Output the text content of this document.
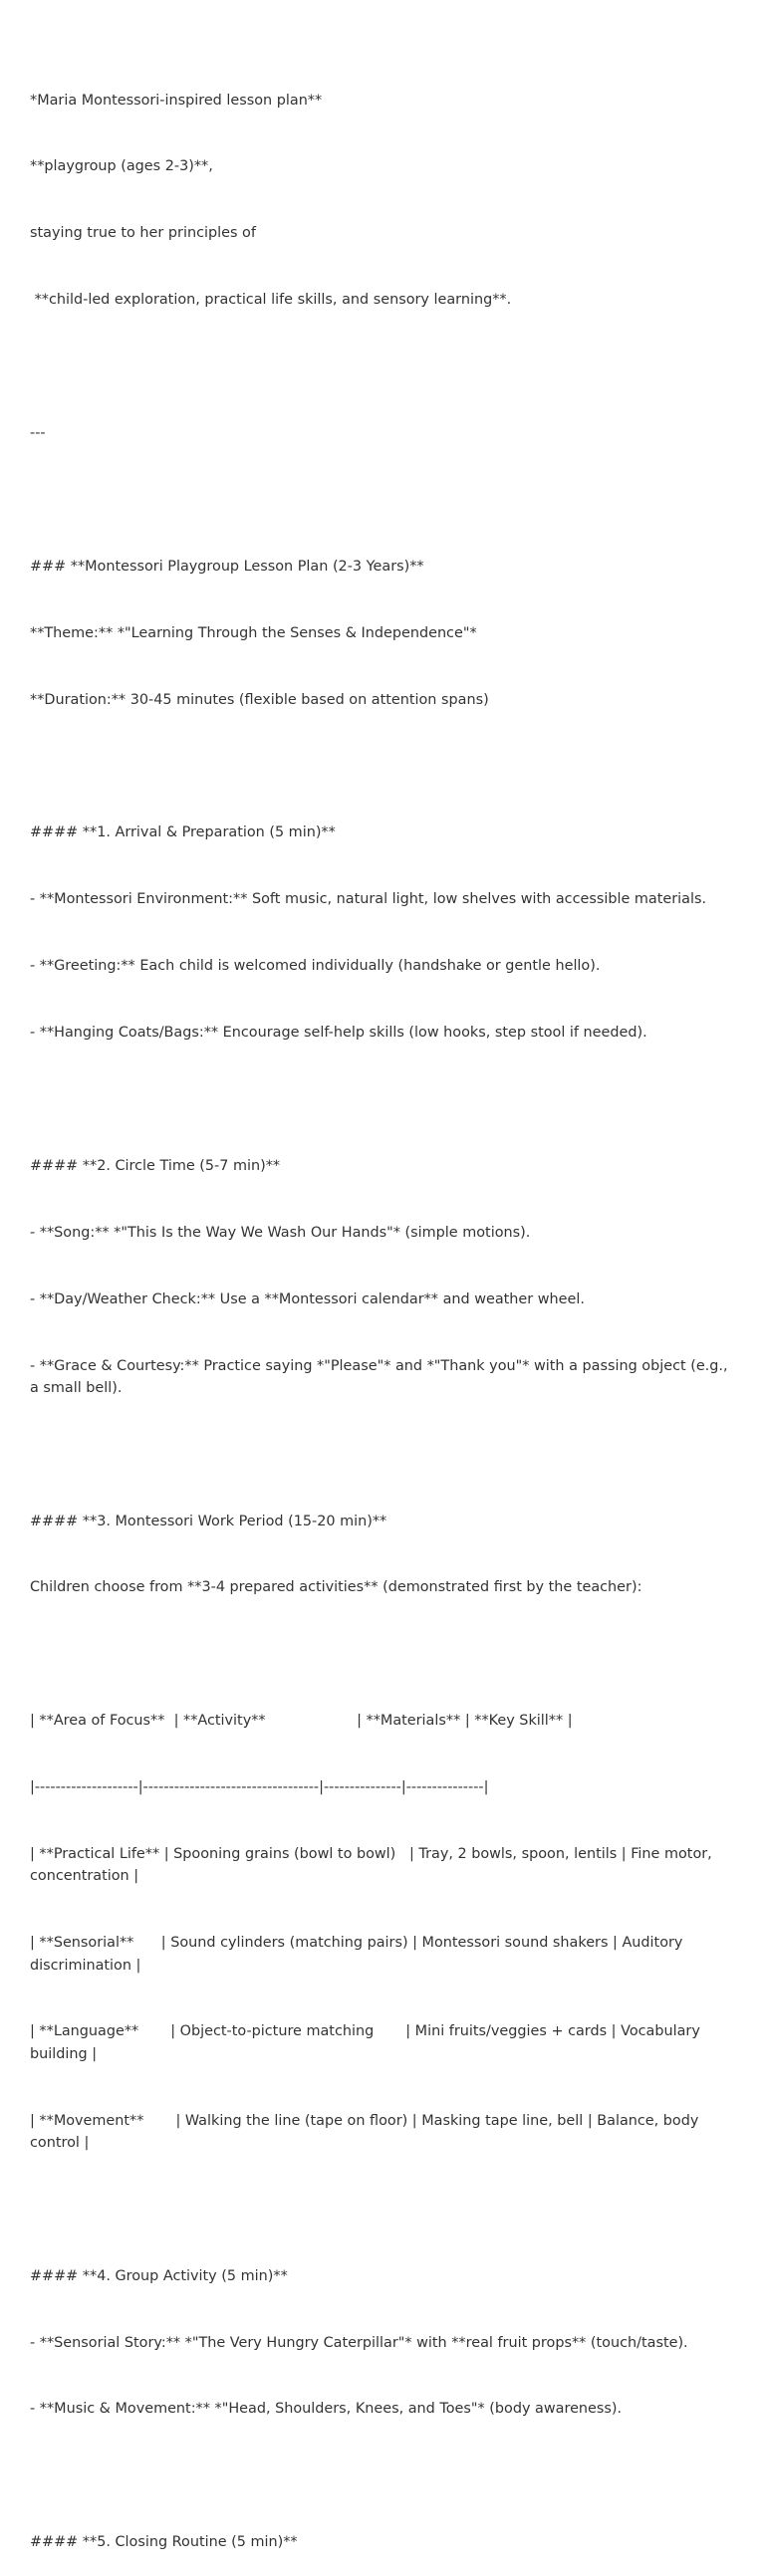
*Maria Montessori-inspired lesson plan**

**playgroup (ages 2-3)**,

staying true to her principles of

**child-led exploration, practical life skills, and sensory learning**.

---

### **Montessori Playgroup Lesson Plan (2-3 Years)**

**Theme:** *"Learning Through the Senses & Independence"*

**Duration:** 30-45 minutes (flexible based on attention spans)

#### **1. Arrival & Preparation (5 min)**

- **Montessori Environment:** Soft music, natural light, low shelves with accessible materials.

- **Greeting:** Each child is welcomed individually (handshake or gentle hello).

- **Hanging Coats/Bags:** Encourage self-help skills (low hooks, step stool if needed).

#### **2. Circle Time (5-7 min)**

- **Song:** *"This Is the Way We Wash Our Hands"* (simple motions).

- **Day/Weather Check:** Use a **Montessori calendar** and weather wheel.

- **Grace & Courtesy:** Practice saying *"Please"* and *"Thank you"* with a passing object (e.g., a small bell).

#### **3. Montessori Work Period (15-20 min)**

Children choose from **3-4 prepared activities** (demonstrated first by the teacher):

| **Area of Focus**  | **Activity**                    | **Materials** | **Key Skill** |

|--------------------|----------------------------------|---------------|---------------|

| **Practical Life** | Spooning grains (bowl to bowl)   | Tray, 2 bowls, spoon, lentils | Fine motor, concentration |

| **Sensorial**      | Sound cylinders (matching pairs) | Montessori sound shakers | Auditory discrimination |

| **Language**       | Object-to-picture matching       | Mini fruits/veggies + cards | Vocabulary building |

| **Movement**       | Walking the line (tape on floor) | Masking tape line, bell | Balance, body control |

#### **4. Group Activity (5 min)**

- **Sensorial Story:** *"The Very Hungry Caterpillar"* with **real fruit props** (touch/taste).

- **Music & Movement:** *"Head, Shoulders, Knees, and Toes"* (body awareness).

#### **5. Closing Routine (5 min)**
